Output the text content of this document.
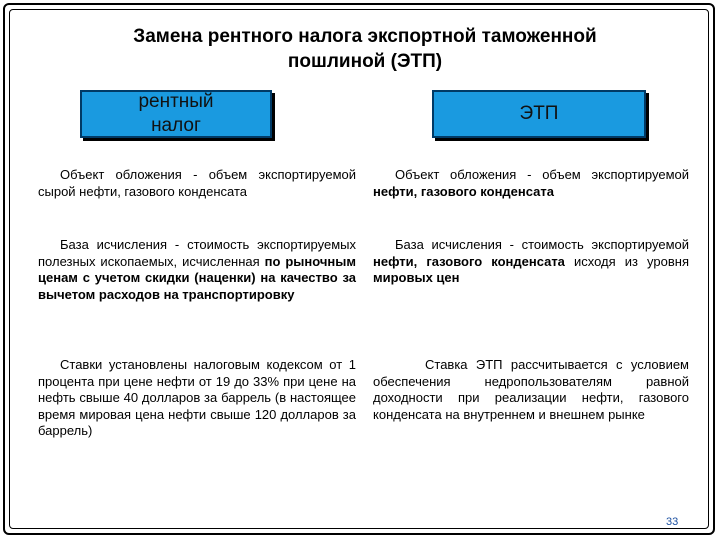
Замена рентного налога экспортной таможенной
пошлиной (ЭТП)
рентный
налог
ЭТП

Объект обложения - объем экспортируемой сырой нефти, газового конденсата

База исчисления - стоимость экспортируемых полезных ископаемых, исчисленная по рыночным ценам с учетом скидки (наценки) на качество за вычетом расходов на транспортировку

Ставки установлены налоговым кодексом от 1 процента при цене нефти от 19 до 33% при цене на нефть свыше 40 долларов за баррель (в настоящее время мировая цена нефти свыше 120 долларов за баррель)

Объект обложения - объем экспортируемой нефти, газового конденсата

База исчисления - стоимость экспортируемой нефти, газового конденсата исходя из уровня мировых цен

Ставка ЭТП рассчитывается с условием обеспечения недропользователям равной доходности при реализации нефти, газового конденсата на внутреннем и внешнем рынке

33
